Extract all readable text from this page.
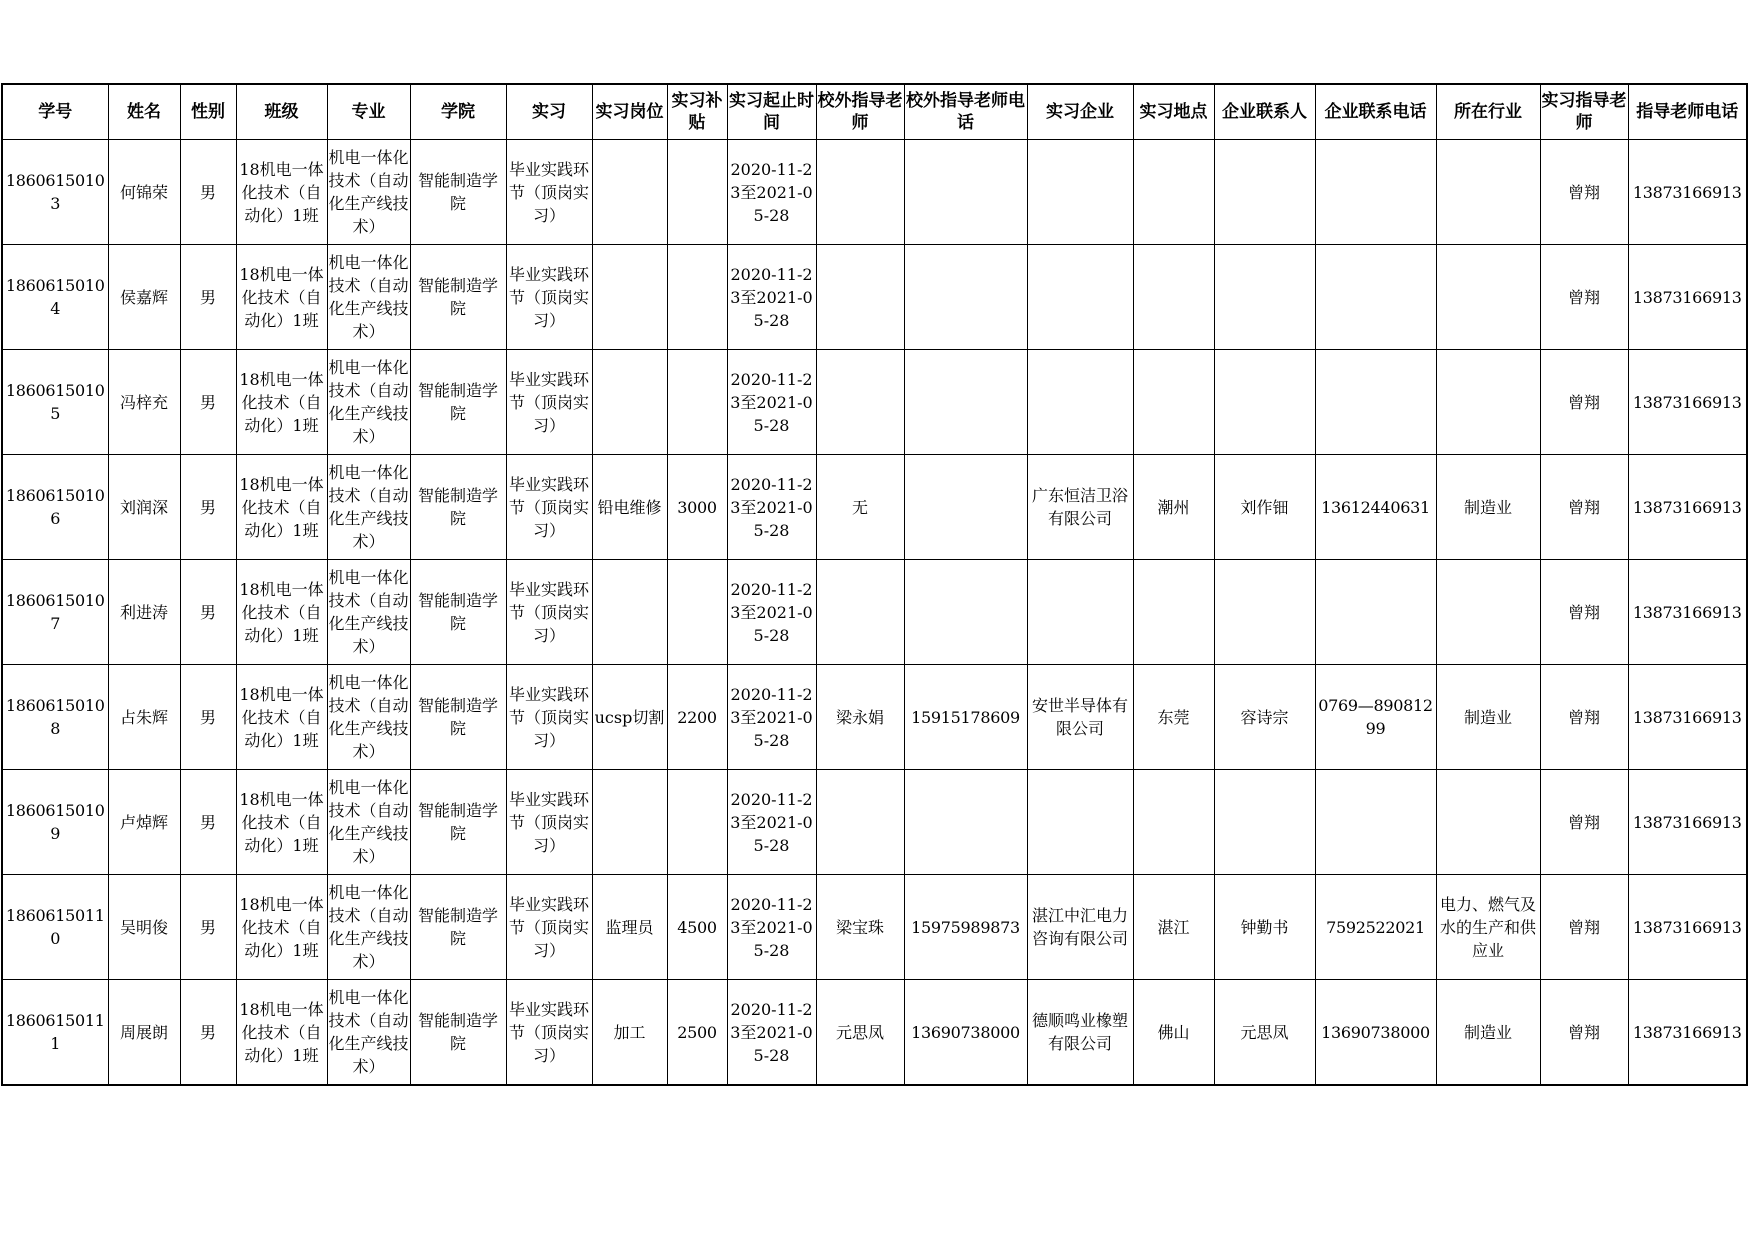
学号	姓名	性别	班级	专业	学院	实习	实习岗位	实习补贴	实习起止时间	校外指导老师	校外指导老师电话	实习企业	实习地点	企业联系人	企业联系电话	所在行业	实习指导老师	指导老师电话

18606150103	何锦荣	男	18机电一体化技术（自动化）1班	机电一体化技术（自动化生产线技术）	智能制造学院	毕业实践环节（顶岗实习）			2020-11-23至2021-05-28								曾翔	13873166913

18606150104	侯嘉辉	男	18机电一体化技术（自动化）1班	机电一体化技术（自动化生产线技术）	智能制造学院	毕业实践环节（顶岗实习）			2020-11-23至2021-05-28								曾翔	13873166913

18606150105	冯梓充	男	18机电一体化技术（自动化）1班	机电一体化技术（自动化生产线技术）	智能制造学院	毕业实践环节（顶岗实习）			2020-11-23至2021-05-28								曾翔	13873166913

18606150106	刘润深	男	18机电一体化技术（自动化）1班	机电一体化技术（自动化生产线技术）	智能制造学院	毕业实践环节（顶岗实习）	铅电维修	3000	2020-11-23至2021-05-28	无		广东恒洁卫浴有限公司	潮州	刘作钿	13612440631	制造业	曾翔	13873166913

18606150107	利进涛	男	18机电一体化技术（自动化）1班	机电一体化技术（自动化生产线技术）	智能制造学院	毕业实践环节（顶岗实习）			2020-11-23至2021-05-28								曾翔	13873166913

18606150108	占朱辉	男	18机电一体化技术（自动化）1班	机电一体化技术（自动化生产线技术）	智能制造学院	毕业实践环节（顶岗实习）	ucsp切割	2200	2020-11-23至2021-05-28	梁永娟	15915178609	安世半导体有限公司	东莞	容诗宗	0769—89081299	制造业	曾翔	13873166913

18606150109	卢焯辉	男	18机电一体化技术（自动化）1班	机电一体化技术（自动化生产线技术）	智能制造学院	毕业实践环节（顶岗实习）			2020-11-23至2021-05-28								曾翔	13873166913

18606150110	吴明俊	男	18机电一体化技术（自动化）1班	机电一体化技术（自动化生产线技术）	智能制造学院	毕业实践环节（顶岗实习）	监理员	4500	2020-11-23至2021-05-28	梁宝珠	15975989873	湛江中汇电力咨询有限公司	湛江	钟勤书	7592522021	电力、燃气及水的生产和供应业	曾翔	13873166913

18606150111	周展朗	男	18机电一体化技术（自动化）1班	机电一体化技术（自动化生产线技术）	智能制造学院	毕业实践环节（顶岗实习）	加工	2500	2020-11-23至2021-05-28	元思凤	13690738000	德顺鸣业橡塑有限公司	佛山	元思凤	13690738000	制造业	曾翔	13873166913
